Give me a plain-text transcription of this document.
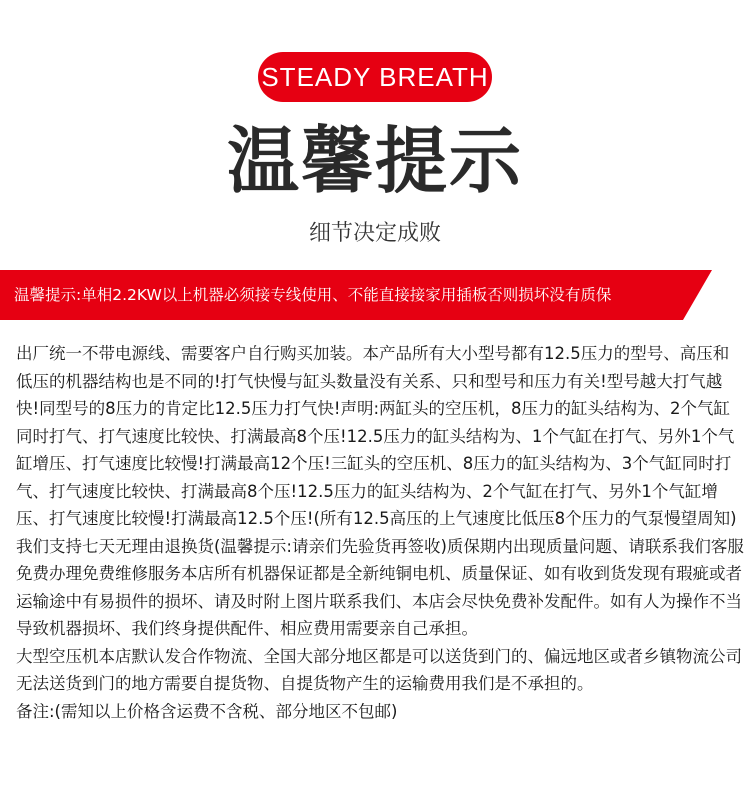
STEADY BREATH
温馨提示
细节决定成败
温馨提示:单相2.2KW以上机器必须接专线使用、不能直接接家用插板否则损坏没有质保

出厂统一不带电源线、需要客户自行购买加装。本产品所有大小型号都有12.5压力的型号、高压和低压的机器结构也是不同的!打气快慢与缸头数量没有关系、只和型号和压力有关!型号越大打气越快!同型号的8压力的肯定比12.5压力打气快!声明:两缸头的空压机，8压力的缸头结构为、2个气缸同时打气、打气速度比较快、打满最高8个压!12.5压力的缸头结构为、1个气缸在打气、另外1个气缸增压、打气速度比较慢!打满最高12个压!三缸头的空压机、8压力的缸头结构为、3个气缸同时打气、打气速度比较快、打满最高8个压!12.5压力的缸头结构为、2个气缸在打气、另外1个气缸增压、打气速度比较慢!打满最高12.5个压!(所有12.5高压的上气速度比低压8个压力的气泵慢望周知)

我们支持七天无理由退换货(温馨提示:请亲们先验货再签收)质保期内出现质量问题、请联系我们客服免费办理免费维修服务本店所有机器保证都是全新纯铜电机、质量保证、如有收到货发现有瑕疵或者运输途中有易损件的损坏、请及时附上图片联系我们、本店会尽快免费补发配件。如有人为操作不当导致机器损坏、我们终身提供配件、相应费用需要亲自己承担。

大型空压机本店默认发合作物流、全国大部分地区都是可以送货到门的、偏远地区或者乡镇物流公司无法送货到门的地方需要自提货物、自提货物产生的运输费用我们是不承担的。

备注:(需知以上价格含运费不含税、部分地区不包邮)
